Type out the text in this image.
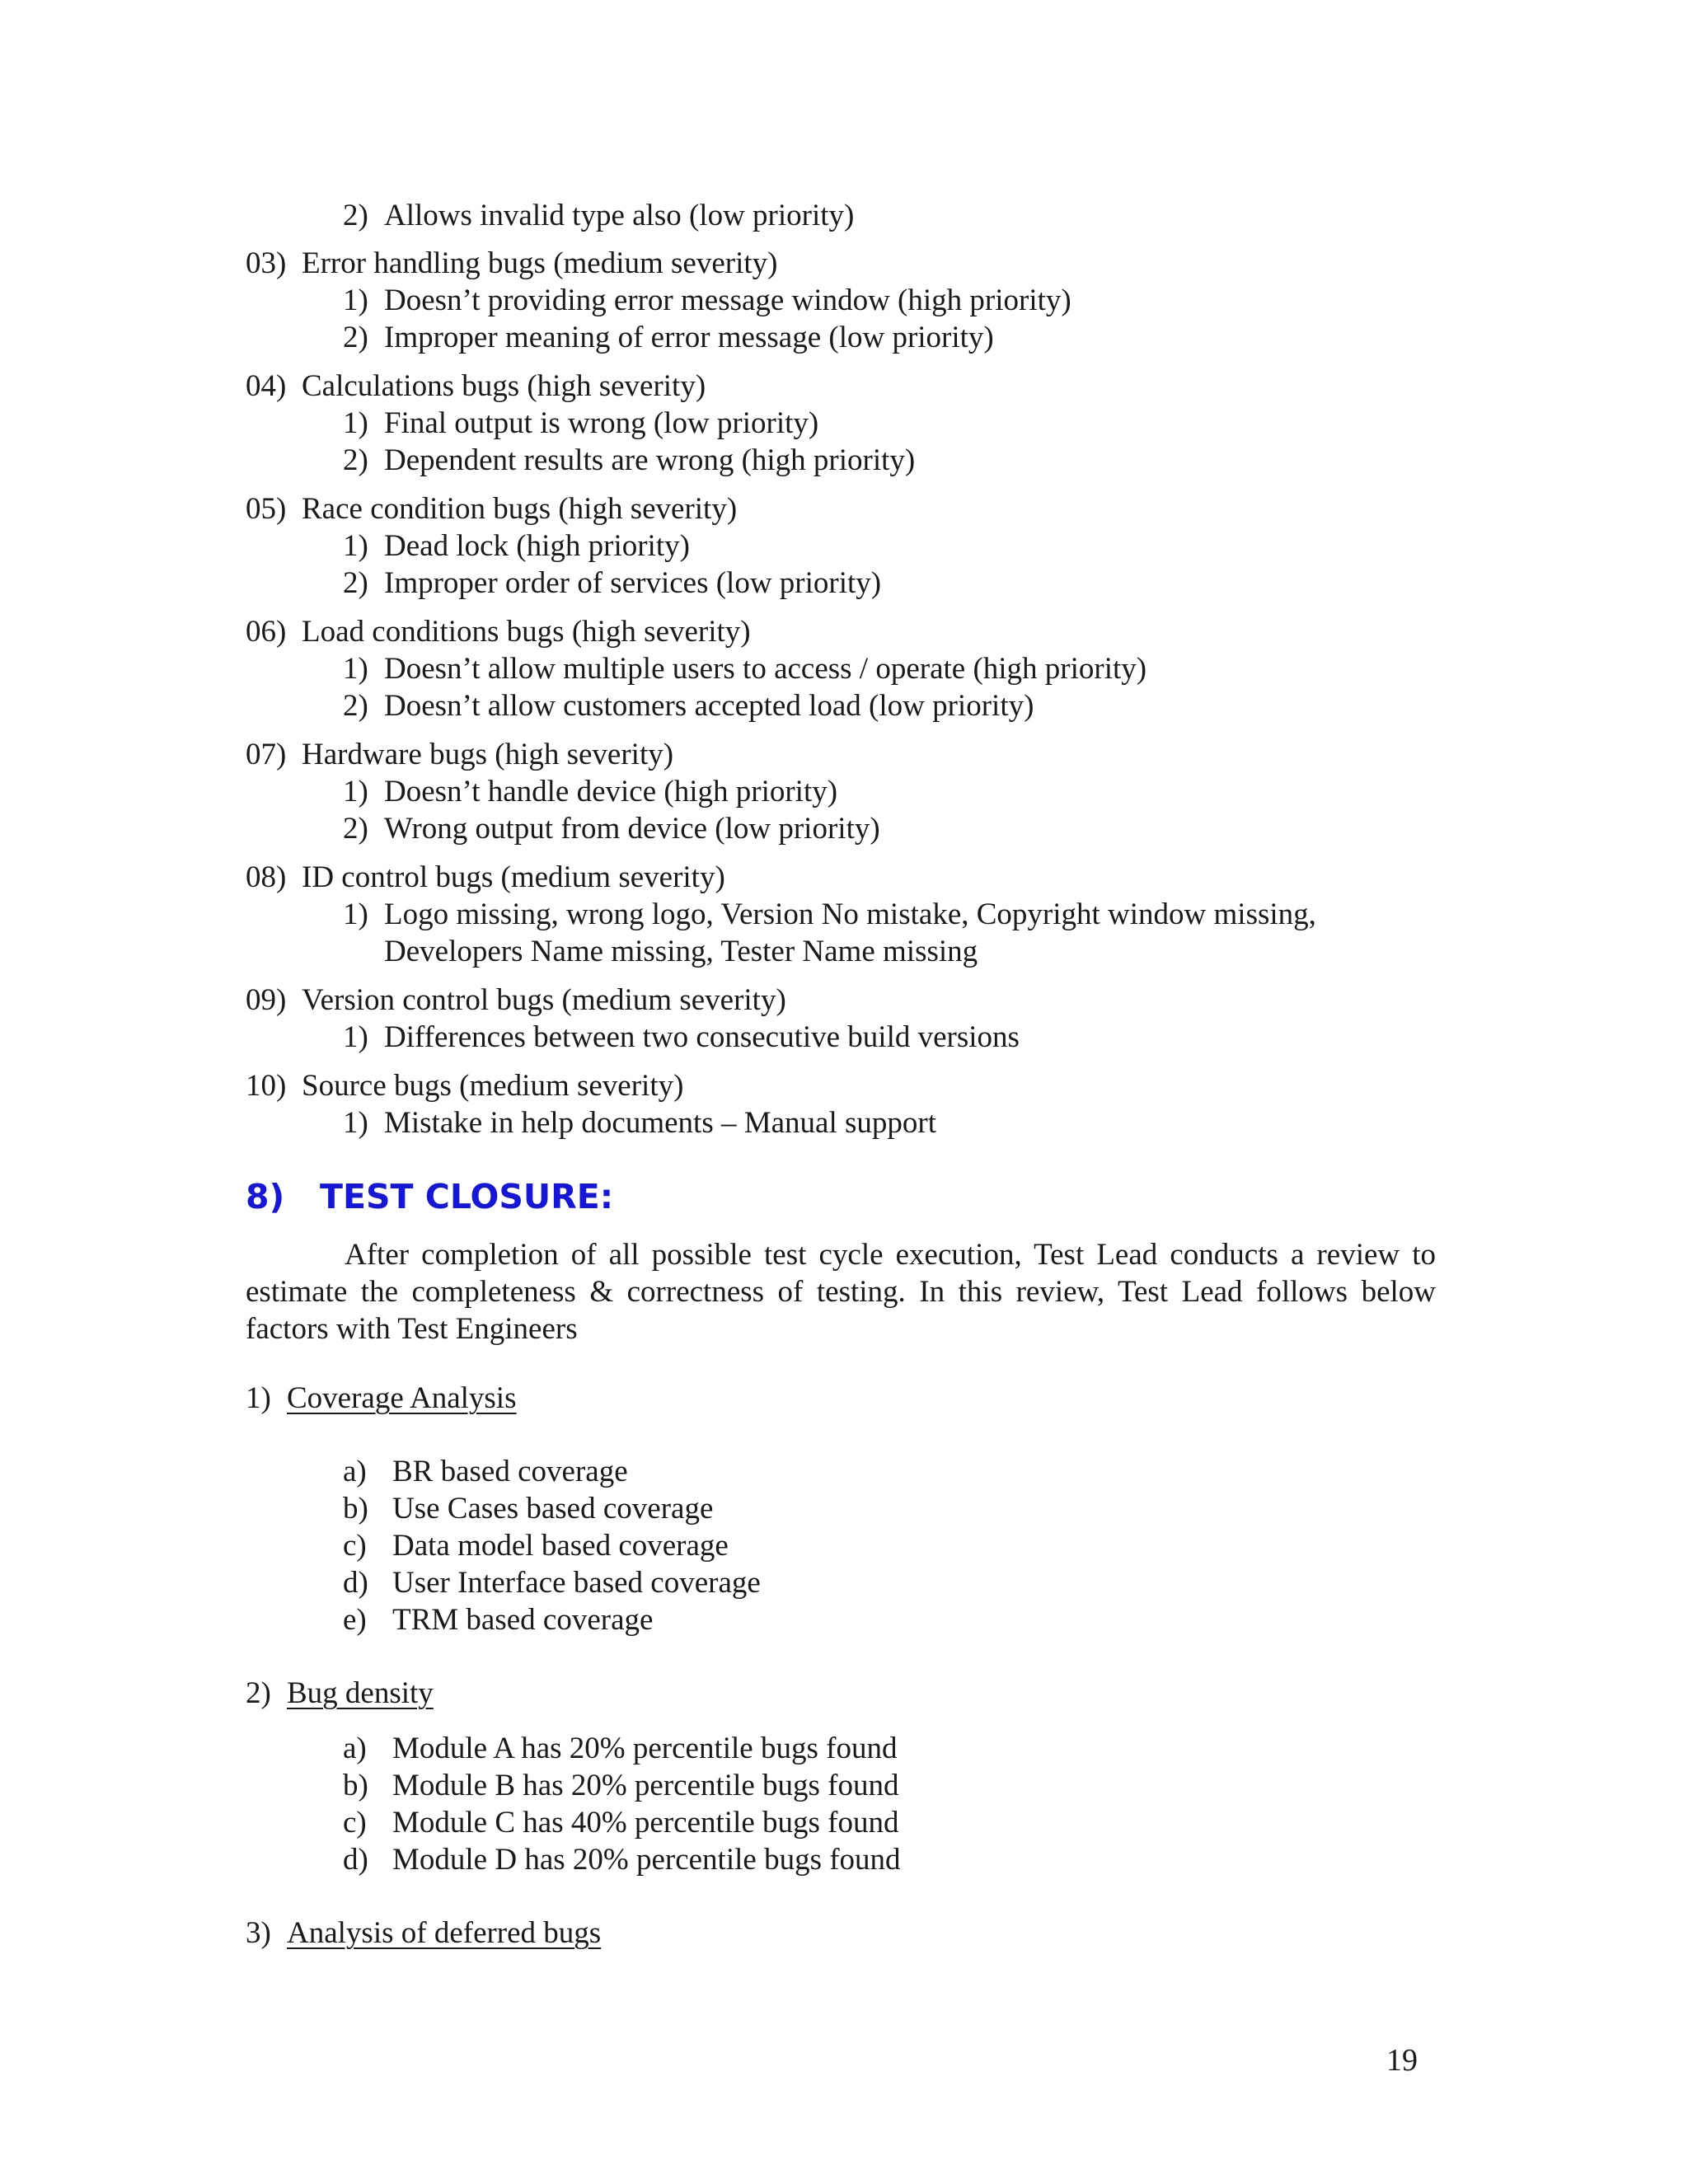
2) Allows invalid type also (low priority)
03) Error handling bugs (medium severity)
1) Doesn’t providing error message window (high priority)
2) Improper meaning of error message (low priority)
04) Calculations bugs (high severity)
1) Final output is wrong (low priority)
2) Dependent results are wrong (high priority)
05) Race condition bugs (high severity)
1) Dead lock (high priority)
2) Improper order of services (low priority)
06) Load conditions bugs (high severity)
1) Doesn’t allow multiple users to access / operate (high priority)
2) Doesn’t allow customers accepted load (low priority)
07) Hardware bugs (high severity)
1) Doesn’t handle device (high priority)
2) Wrong output from device (low priority)
08) ID control bugs (medium severity)
1) Logo missing, wrong logo, Version No mistake, Copyright window missing,
Developers Name missing, Tester Name missing
09) Version control bugs (medium severity)
1) Differences between two consecutive build versions
10) Source bugs (medium severity)
1) Mistake in help documents – Manual support
8) TEST CLOSURE:

After completion of all possible test cycle execution, Test Lead conducts a review to estimate the completeness & correctness of testing. In this review, Test Lead follows below factors with Test Engineers

1) Coverage Analysis
a) BR based coverage
b) Use Cases based coverage
c) Data model based coverage
d) User Interface based coverage
e) TRM based coverage
2) Bug density
a) Module A has 20% percentile bugs found
b) Module B has 20% percentile bugs found
c) Module C has 40% percentile bugs found
d) Module D has 20% percentile bugs found
3) Analysis of deferred bugs
19
